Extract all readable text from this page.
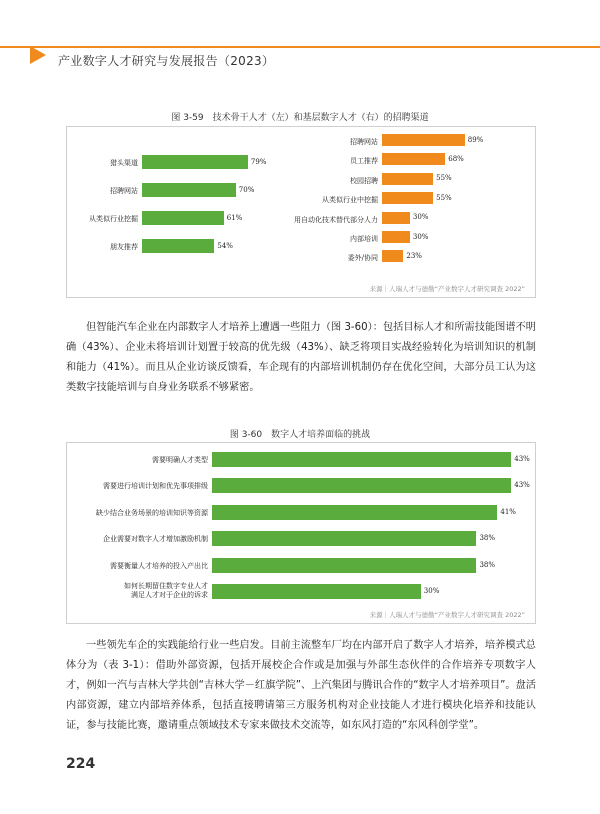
产业数字人才研究与发展报告（2023）
图 3-59　技术骨干人才（左）和基层数字人才（右）的招聘渠道
来源｜人瑞人才与德勤“产业数字人才研究调查 2022”
猎头渠道	79%
招聘网站	70%
从类似行业挖掘	61%
朋友推荐	54%
招聘网站	89%
员工推荐	68%
校园招聘	55%
从类似行业中挖掘	55%
用自动化技术替代部分人力	30%
内部培训	30%
委外/协同	23%

但智能汽车企业在内部数字人才培养上遭遇一些阻力（图 3-60）：包括目标人才和所需技能图谱不明确（43%）、企业未将培训计划置于较高的优先级（43%）、缺乏将项目实战经验转化为培训知识的机制和能力（41%）。而且从企业访谈反馈看，车企现有的内部培训机制仍存在优化空间，大部分员工认为这类数字技能培训与自身业务联系不够紧密。

图 3-60　数字人才培养面临的挑战
来源｜人瑞人才与德勤“产业数字人才研究调查 2022”
需要明确人才类型	43%
需要进行培训计划和优先事项排级	43%
缺少结合业务场景的培训知识等资源	41%
企业需要对数字人才增加激励机制	38%
需要衡量人才培养的投入产出比	38%
如何长期留住数字专业人才
满足人才对于企业的诉求	30%

一些领先车企的实践能给行业一些启发。目前主流整车厂均在内部开启了数字人才培养，培养模式总体分为（表 3-1）：借助外部资源，包括开展校企合作或是加强与外部生态伙伴的合作培养专项数字人才，例如一汽与吉林大学共创“吉林大学－红旗学院”、上汽集团与腾讯合作的“数字人才培养项目”。盘活内部资源，建立内部培养体系，包括直接聘请第三方服务机构对企业技能人才进行模块化培养和技能认证，参与技能比赛，邀请重点领域技术专家来做技术交流等，如东风打造的“东风科创学堂”。

224
